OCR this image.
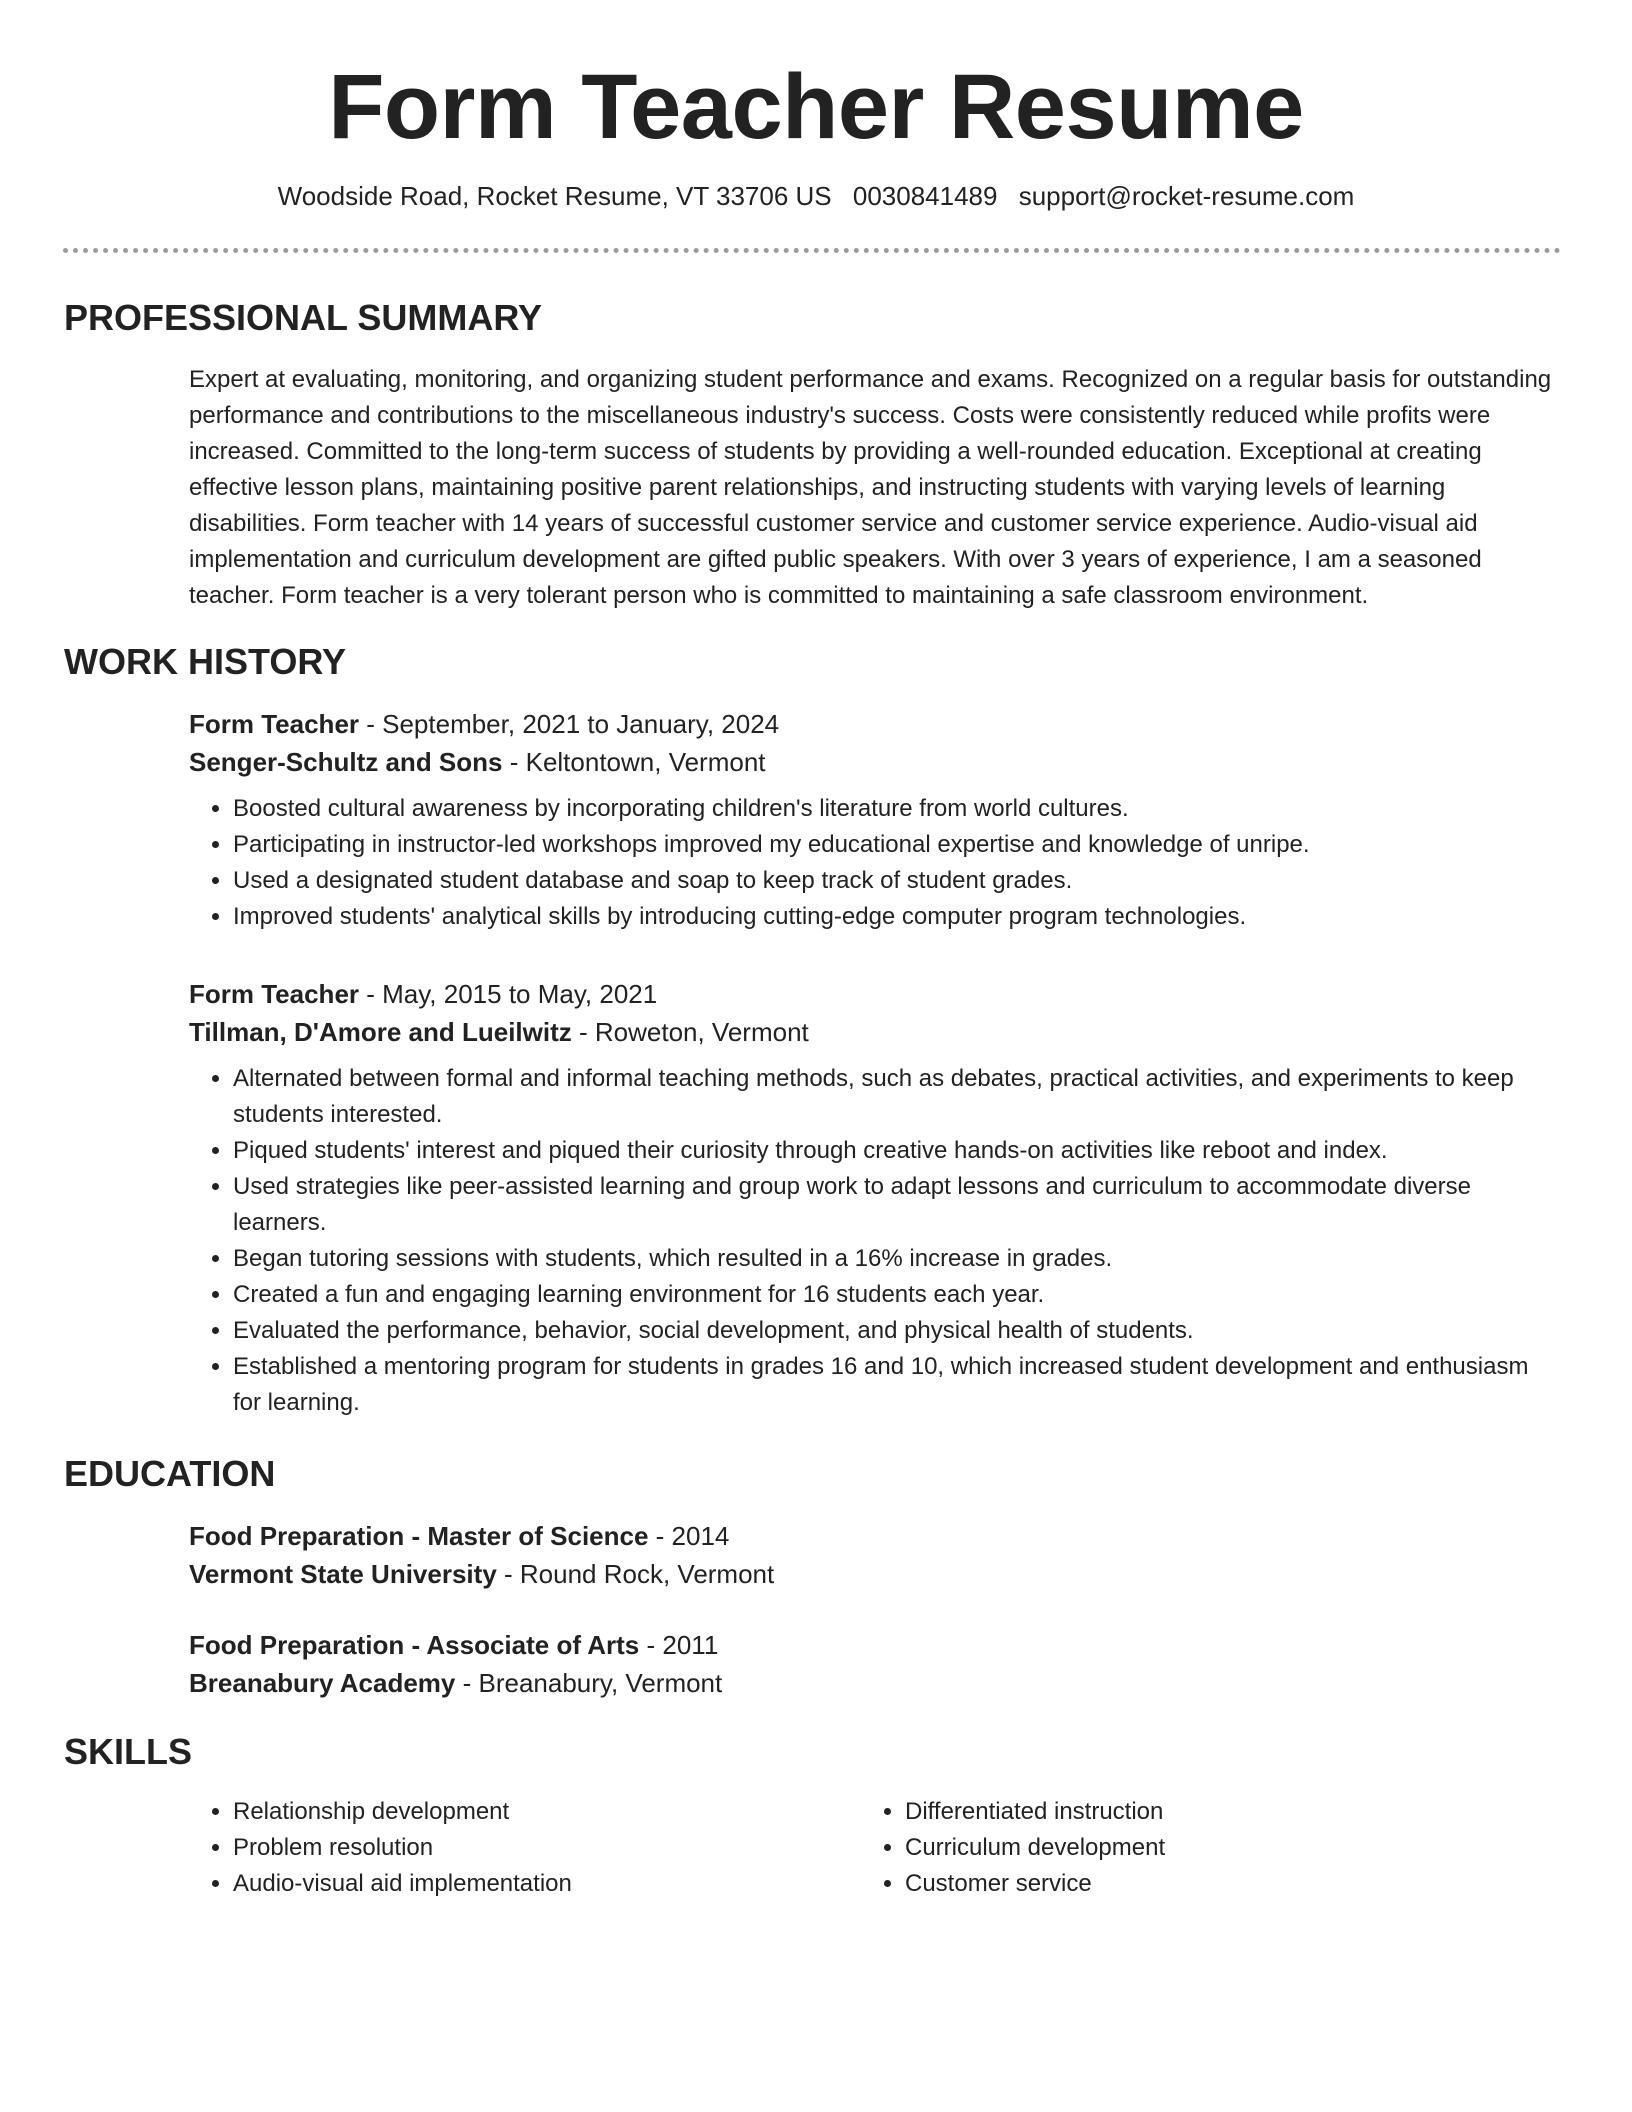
Form Teacher Resume
Woodside Road, Rocket Resume, VT 33706 US 0030841489 support@rocket-resume.com
PROFESSIONAL SUMMARY

Expert at evaluating, monitoring, and organizing student performance and exams. Recognized on a regular basis for outstanding performance and contributions to the miscellaneous industry's success. Costs were consistently reduced while profits were increased. Committed to the long-term success of students by providing a well-rounded education. Exceptional at creating effective lesson plans, maintaining positive parent relationships, and instructing students with varying levels of learning disabilities. Form teacher with 14 years of successful customer service and customer service experience. Audio-visual aid implementation and curriculum development are gifted public speakers. With over 3 years of experience, I am a seasoned teacher. Form teacher is a very tolerant person who is committed to maintaining a safe classroom environment.

WORK HISTORY
Form Teacher - September, 2021 to January, 2024
Senger-Schultz and Sons - Keltontown, Vermont
• Boosted cultural awareness by incorporating children's literature from world cultures.
• Participating in instructor-led workshops improved my educational expertise and knowledge of unripe.
• Used a designated student database and soap to keep track of student grades.
• Improved students' analytical skills by introducing cutting-edge computer program technologies.
Form Teacher - May, 2015 to May, 2021
Tillman, D'Amore and Lueilwitz - Roweton, Vermont
• Alternated between formal and informal teaching methods, such as debates, practical activities, and experiments to keep students interested.
• Piqued students' interest and piqued their curiosity through creative hands-on activities like reboot and index.
• Used strategies like peer-assisted learning and group work to adapt lessons and curriculum to accommodate diverse learners.
• Began tutoring sessions with students, which resulted in a 16% increase in grades.
• Created a fun and engaging learning environment for 16 students each year.
• Evaluated the performance, behavior, social development, and physical health of students.
• Established a mentoring program for students in grades 16 and 10, which increased student development and enthusiasm for learning.
EDUCATION
Food Preparation - Master of Science - 2014
Vermont State University - Round Rock, Vermont
Food Preparation - Associate of Arts - 2011
Breanabury Academy - Breanabury, Vermont
SKILLS
• Relationship development
• Problem resolution
• Audio-visual aid implementation
• Differentiated instruction
• Curriculum development
• Customer service
